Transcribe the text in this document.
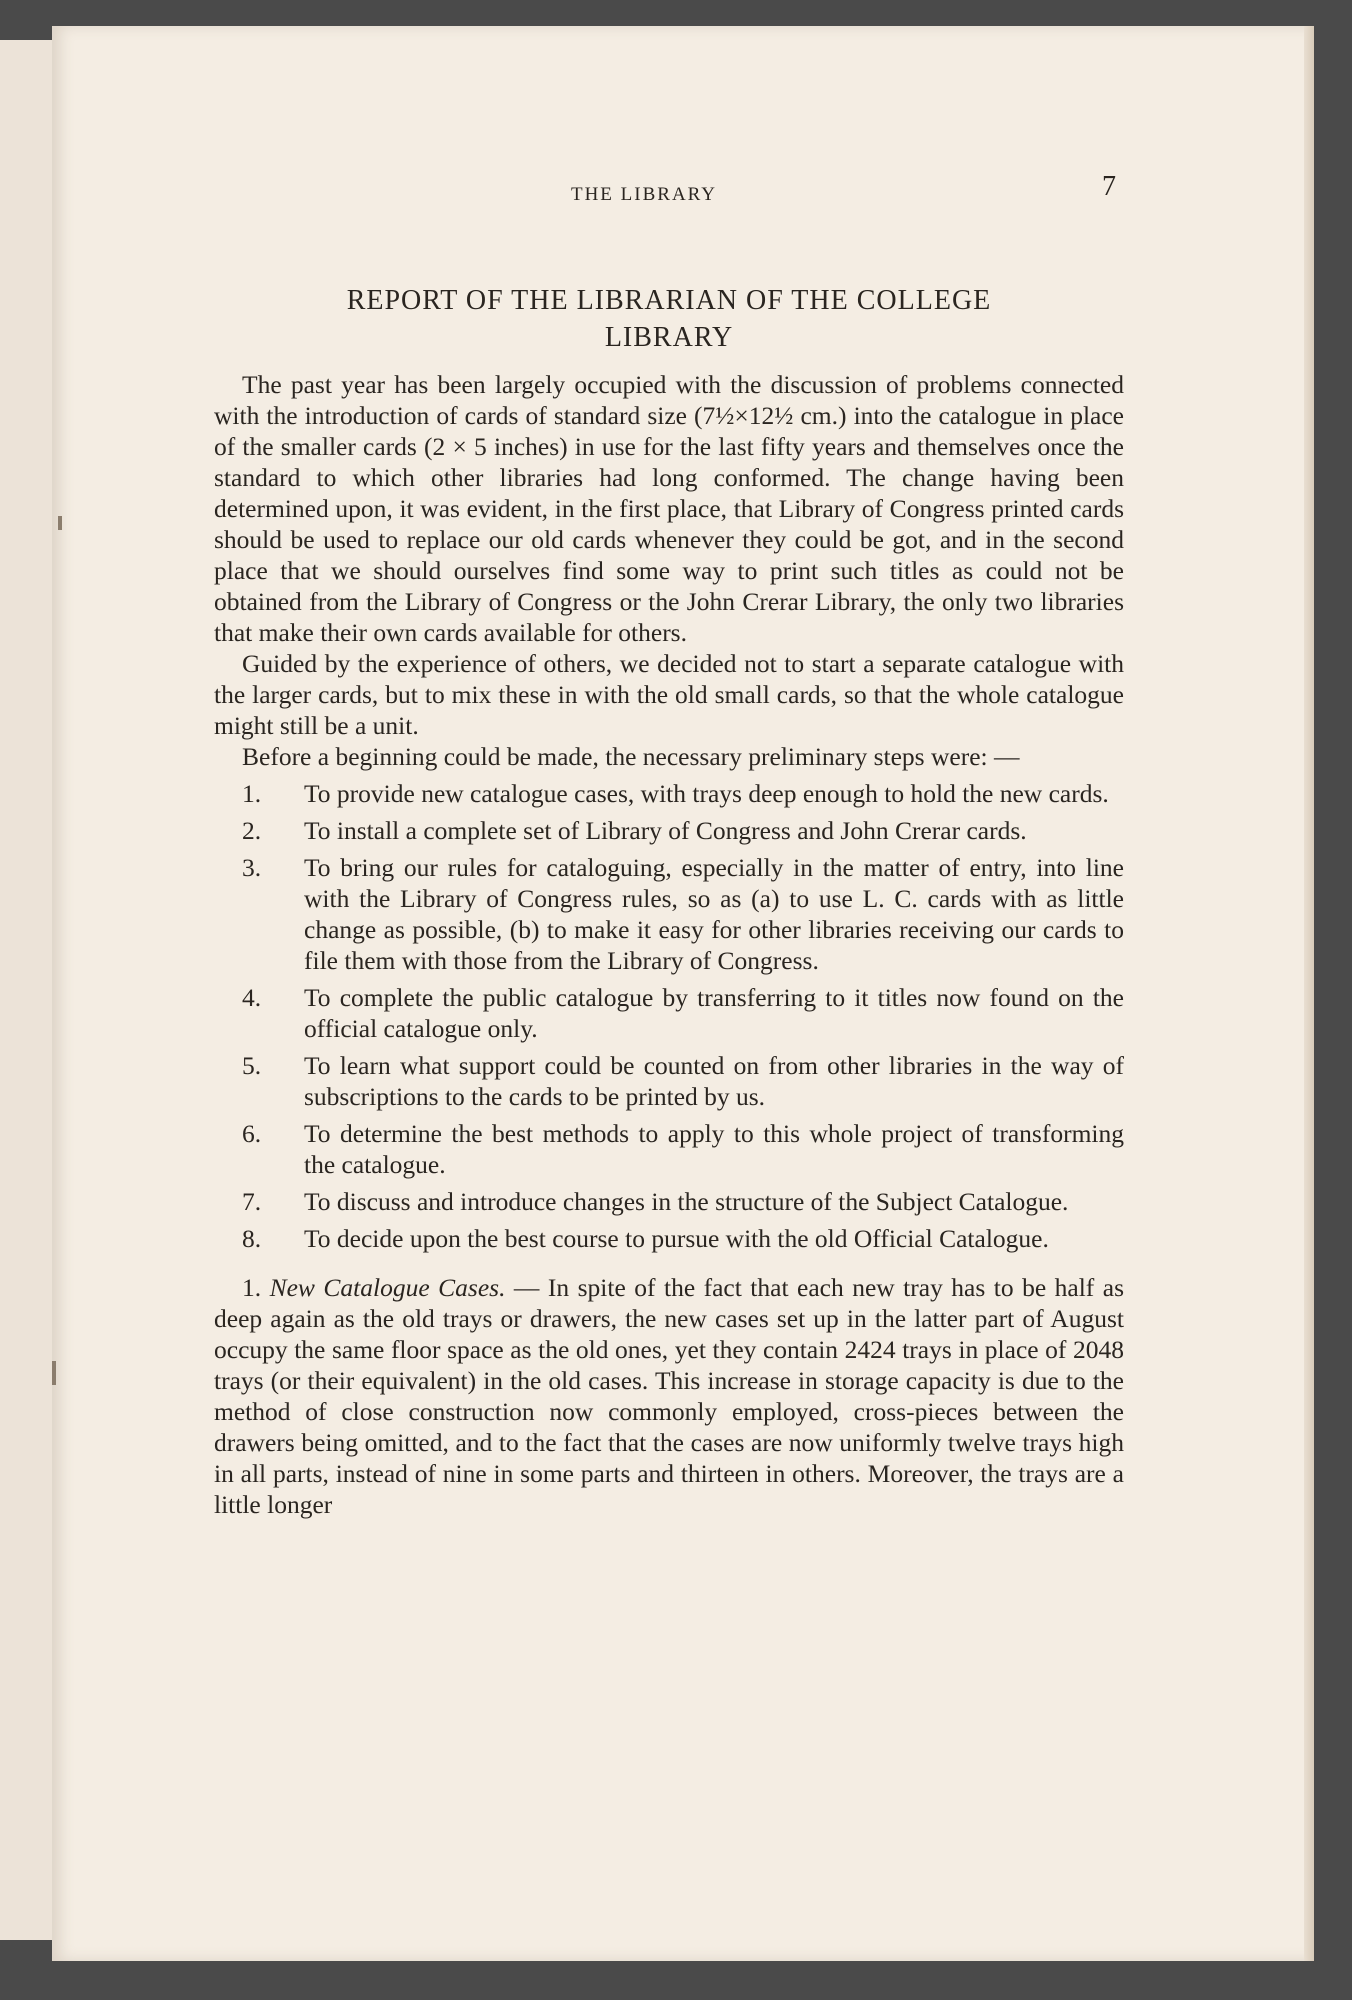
THE LIBRARY	7
REPORT OF THE LIBRARIAN OF THE COLLEGE
LIBRARY

The past year has been largely occupied with the discussion of problems connected with the introduction of cards of standard size (7½×12½ cm.) into the catalogue in place of the smaller cards (2 × 5 inches) in use for the last fifty years and themselves once the standard to which other libraries had long conformed. The change having been determined upon, it was evident, in the first place, that Library of Congress printed cards should be used to replace our old cards whenever they could be got, and in the second place that we should ourselves find some way to print such titles as could not be obtained from the Library of Congress or the John Crerar Library, the only two libraries that make their own cards available for others.

Guided by the experience of others, we decided not to start a separate catalogue with the larger cards, but to mix these in with the old small cards, so that the whole catalogue might still be a unit.

Before a beginning could be made, the necessary preliminary steps were: —

1.	To provide new catalogue cases, with trays deep enough to hold the new cards.
2.	To install a complete set of Library of Congress and John Crerar cards.
3.	To bring our rules for cataloguing, especially in the matter of entry, into line with the Library of Congress rules, so as (a) to use L. C. cards with as little change as possible, (b) to make it easy for other libraries receiving our cards to file them with those from the Library of Congress.
4.	To complete the public catalogue by transferring to it titles now found on the official catalogue only.
5.	To learn what support could be counted on from other libraries in the way of subscriptions to the cards to be printed by us.
6.	To determine the best methods to apply to this whole project of transforming the catalogue.
7.	To discuss and introduce changes in the structure of the Subject Catalogue.
8.	To decide upon the best course to pursue with the old Official Catalogue.

1. New Catalogue Cases. — In spite of the fact that each new tray has to be half as deep again as the old trays or drawers, the new cases set up in the latter part of August occupy the same floor space as the old ones, yet they contain 2424 trays in place of 2048 trays (or their equivalent) in the old cases. This increase in storage capacity is due to the method of close construction now commonly employed, cross-pieces between the drawers being omitted, and to the fact that the cases are now uniformly twelve trays high in all parts, instead of nine in some parts and thirteen in others. Moreover, the trays are a little longer
